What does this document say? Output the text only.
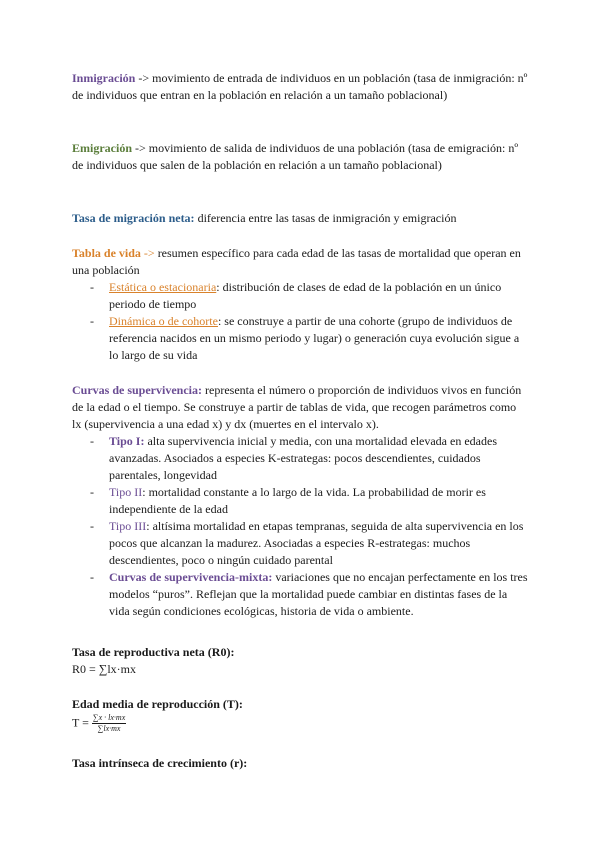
Inmigración -> movimiento de entrada de individuos en un población (tasa de inmigración: nº de individuos que entran en la población en relación a un tamaño poblacional)

Emigración -> movimiento de salida de individuos de una población (tasa de emigración: nº de individuos que salen de la población en relación a un tamaño poblacional)

Tasa de migración neta: diferencia entre las tasas de inmigración y emigración

Tabla de vida -> resumen específico para cada edad de las tasas de mortalidad que operan en una población

- Estática o estacionaria: distribución de clases de edad de la población en un único periodo de tiempo
- Dinámica o de cohorte: se construye a partir de una cohorte (grupo de individuos de referencia nacidos en un mismo periodo y lugar) o generación cuya evolución sigue a lo largo de su vida

Curvas de supervivencia: representa el número o proporción de individuos vivos en función de la edad o el tiempo. Se construye a partir de tablas de vida, que recogen parámetros como lx (supervivencia a una edad x) y dx (muertes en el intervalo x).

- Tipo I: alta supervivencia inicial y media, con una mortalidad elevada en edades avanzadas. Asociados a especies K-estrategas: pocos descendientes, cuidados parentales, longevidad
- Tipo II: mortalidad constante a lo largo de la vida. La probabilidad de morir es independiente de la edad
- Tipo III: altísima mortalidad en etapas tempranas, seguida de alta supervivencia en los pocos que alcanzan la madurez. Asociadas a especies R-estrategas: muchos descendientes, poco o ningún cuidado parental
- Curvas de supervivencia-mixta: variaciones que no encajan perfectamente en los tres modelos “puros”. Reflejan que la mortalidad puede cambiar en distintas fases de la vida según condiciones ecológicas, historia de vida o ambiente.
Tasa de reproductiva neta (R0):
R0 = ∑lx·mx
Edad media de reproducción (T):
$T = \frac{\sum x \cdot lx\cdot mx}{\sum lx\cdot mx}$
Tasa intrínseca de crecimiento (r):
